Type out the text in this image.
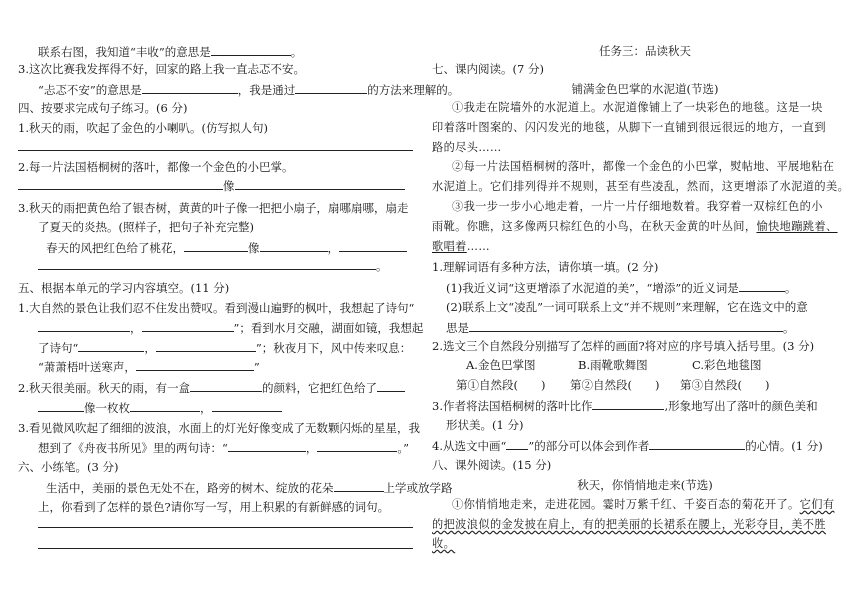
联系右图，我知道“丰收”的意思是	。
3.这次比赛我发挥得不好，回家的路上我一直忐忑不安。
“忐忑不安”的意思是	，我是通过	的方法来理解的。
四、按要求完成句子练习。(6 分)
1.秋天的雨，吹起了金色的小喇叭。(仿写拟人句)
2.每一片法国梧桐树的落叶，都像一个金色的小巴掌。
像
3.秋天的雨把黄色给了银杏树，黄黄的叶子像一把把小扇子，扇哪扇哪，扇走
了夏天的炎热。(照样子，把句子补充完整)
春天的风把红色给了桃花，	像	，
。
五、根据本单元的学习内容填空。(11 分)
1.大自然的景色让我们忍不住发出赞叹。看到漫山遍野的枫叶，我想起了诗句“
，	”；看到水月交融，湖面如镜，我想起
了诗句“	，	”；秋夜月下，风中传来叹息：
“萧萧梧叶送寒声，	”
2.秋天很美丽。秋天的雨，有一盒	的颜料，它把红色给了
像一枚枚	，
3.看见微风吹起了细细的波浪，水面上的灯光好像变成了无数颗闪烁的星星，我
想到了《舟夜书所见》里的两句诗：“	，	。”
六、小练笔。(3 分)
生活中，美丽的景色无处不在，路旁的树木、绽放的花朵	上学或放学路
上，你看到了怎样的景色?请你写一写，用上积累的有新鲜感的词句。
任务三：品读秋天
七、课内阅读。(7 分)
铺满金色巴掌的水泥道(节选)
①我走在院墙外的水泥道上。水泥道像铺上了一块彩色的地毯。这是一块
印着落叶图案的、闪闪发光的地毯，从脚下一直铺到很远很远的地方，一直到
路的尽头……
②每一片法国梧桐树的落叶，都像一个金色的小巴掌，熨帖地、平展地粘在
水泥道上。它们排列得并不规则，甚至有些凌乱，然而，这更增添了水泥道的美。
③我一步一步小心地走着，一片一片仔细地数着。我穿着一双棕红色的小
雨靴。你瞧，这多像两只棕红色的小鸟，在秋天金黄的叶丛间，愉快地蹦跳着、
歌唱着……
1.理解词语有多种方法，请你填一填。(2 分)
(1)我近义词“这更增添了水泥道的美”，“增添”的近义词是	。
(2)联系上文“凌乱”一词可联系上文“并不规则”来理解，它在选文中的意
思是	。
2.选文三个自然段分别描写了怎样的画面?将对应的序号填入括号里。(3 分)
A.金色巴掌图	B.雨靴歌舞图	C.彩色地毯图
第①自然段(　　) 第②自然段(　　) 第③自然段(　　)
3.作者将法国梧桐树的落叶比作	,形象地写出了落叶的颜色美和
形状美。(1 分)
4.从选文中画“ ”的部分可以体会到作者	的心情。(1 分)
八、课外阅读。(15 分)
秋天，你悄悄地走来(节选)
①你悄悄地走来，走进花园。霎时万紫千红、千姿百态的菊花开了。它们有
的把波浪似的金发披在肩上，有的把美丽的长裙系在腰上，光彩夺目，美不胜
收。
